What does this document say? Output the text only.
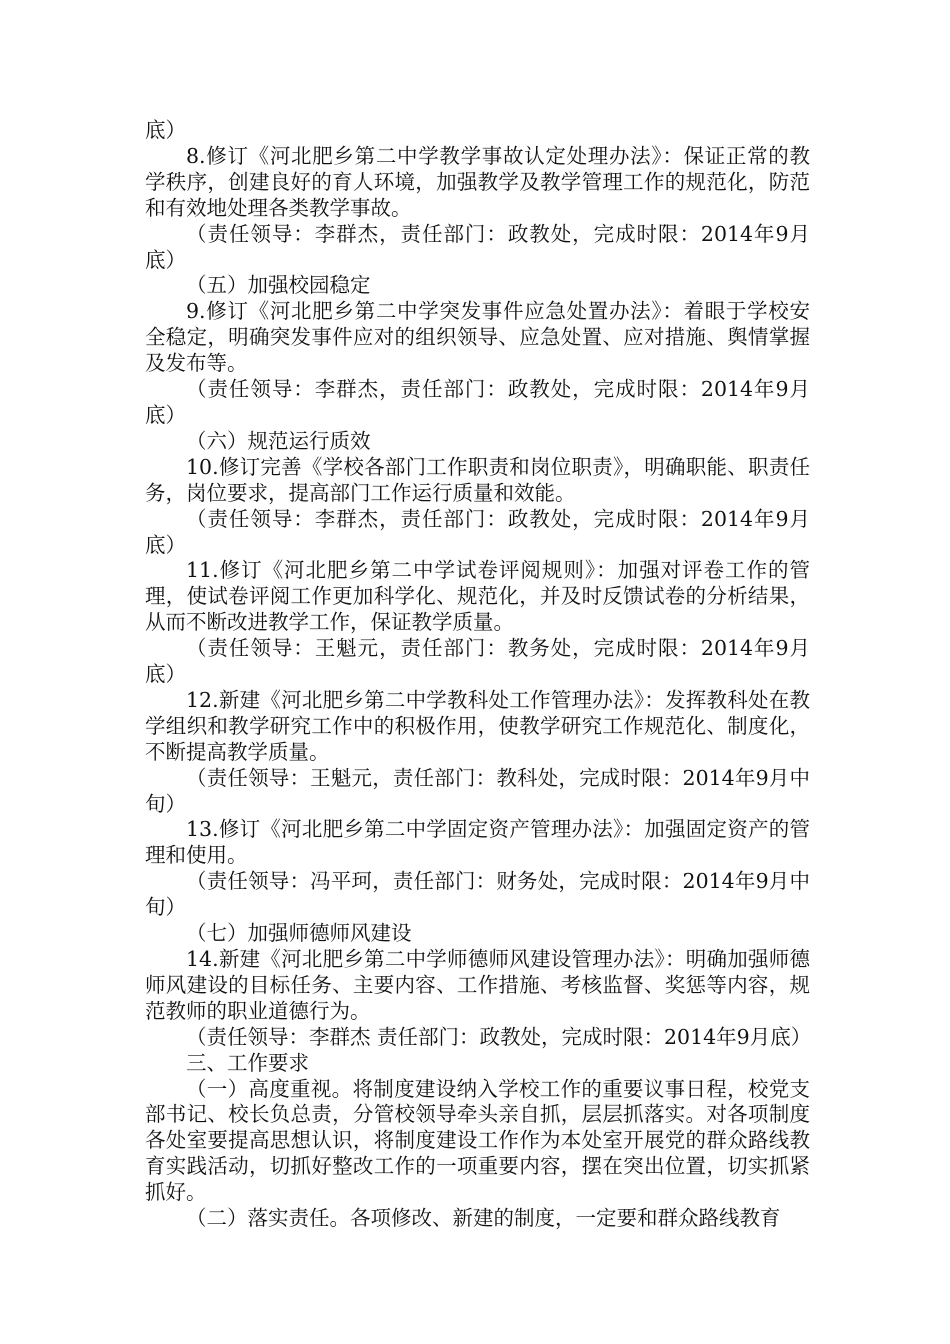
底）

8.修订《河北肥乡第二中学教学事故认定处理办法》：保证正常的教学秩序，创建良好的育人环境，加强教学及教学管理工作的规范化，防范和有效地处理各类教学事故。

（责任领导：李群杰，责任部门：政教处，完成时限：2014年9月底）

（五）加强校园稳定

9.修订《河北肥乡第二中学突发事件应急处置办法》：着眼于学校安全稳定，明确突发事件应对的组织领导、应急处置、应对措施、舆情掌握及发布等。

（责任领导：李群杰，责任部门：政教处，完成时限：2014年9月底）

（六）规范运行质效

10.修订完善《学校各部门工作职责和岗位职责》，明确职能、职责任务，岗位要求，提高部门工作运行质量和效能。

（责任领导：李群杰，责任部门：政教处，完成时限：2014年9月底）

11.修订《河北肥乡第二中学试卷评阅规则》：加强对评卷工作的管理，使试卷评阅工作更加科学化、规范化，并及时反馈试卷的分析结果，从而不断改进教学工作，保证教学质量。

（责任领导：王魁元，责任部门：教务处，完成时限：2014年9月底）

12.新建《河北肥乡第二中学教科处工作管理办法》：发挥教科处在教学组织和教学研究工作中的积极作用，使教学研究工作规范化、制度化，不断提高教学质量。

（责任领导：王魁元，责任部门：教科处，完成时限：2014年9月中旬）

13.修订《河北肥乡第二中学固定资产管理办法》：加强固定资产的管理和使用。

（责任领导：冯平珂，责任部门：财务处，完成时限：2014年9月中旬）

（七）加强师德师风建设

14.新建《河北肥乡第二中学师德师风建设管理办法》：明确加强师德师风建设的目标任务、主要内容、工作措施、考核监督、奖惩等内容，规范教师的职业道德行为。

（责任领导：李群杰 责任部门：政教处，完成时限：2014年9月底）

三、工作要求

（一）高度重视。将制度建设纳入学校工作的重要议事日程，校党支部书记、校长负总责，分管校领导牵头亲自抓，层层抓落实。对各项制度各处室要提高思想认识，将制度建设工作作为本处室开展党的群众路线教育实践活动，切抓好整改工作的一项重要内容，摆在突出位置，切实抓紧抓好。

（二）落实责任。各项修改、新建的制度，一定要和群众路线教育
